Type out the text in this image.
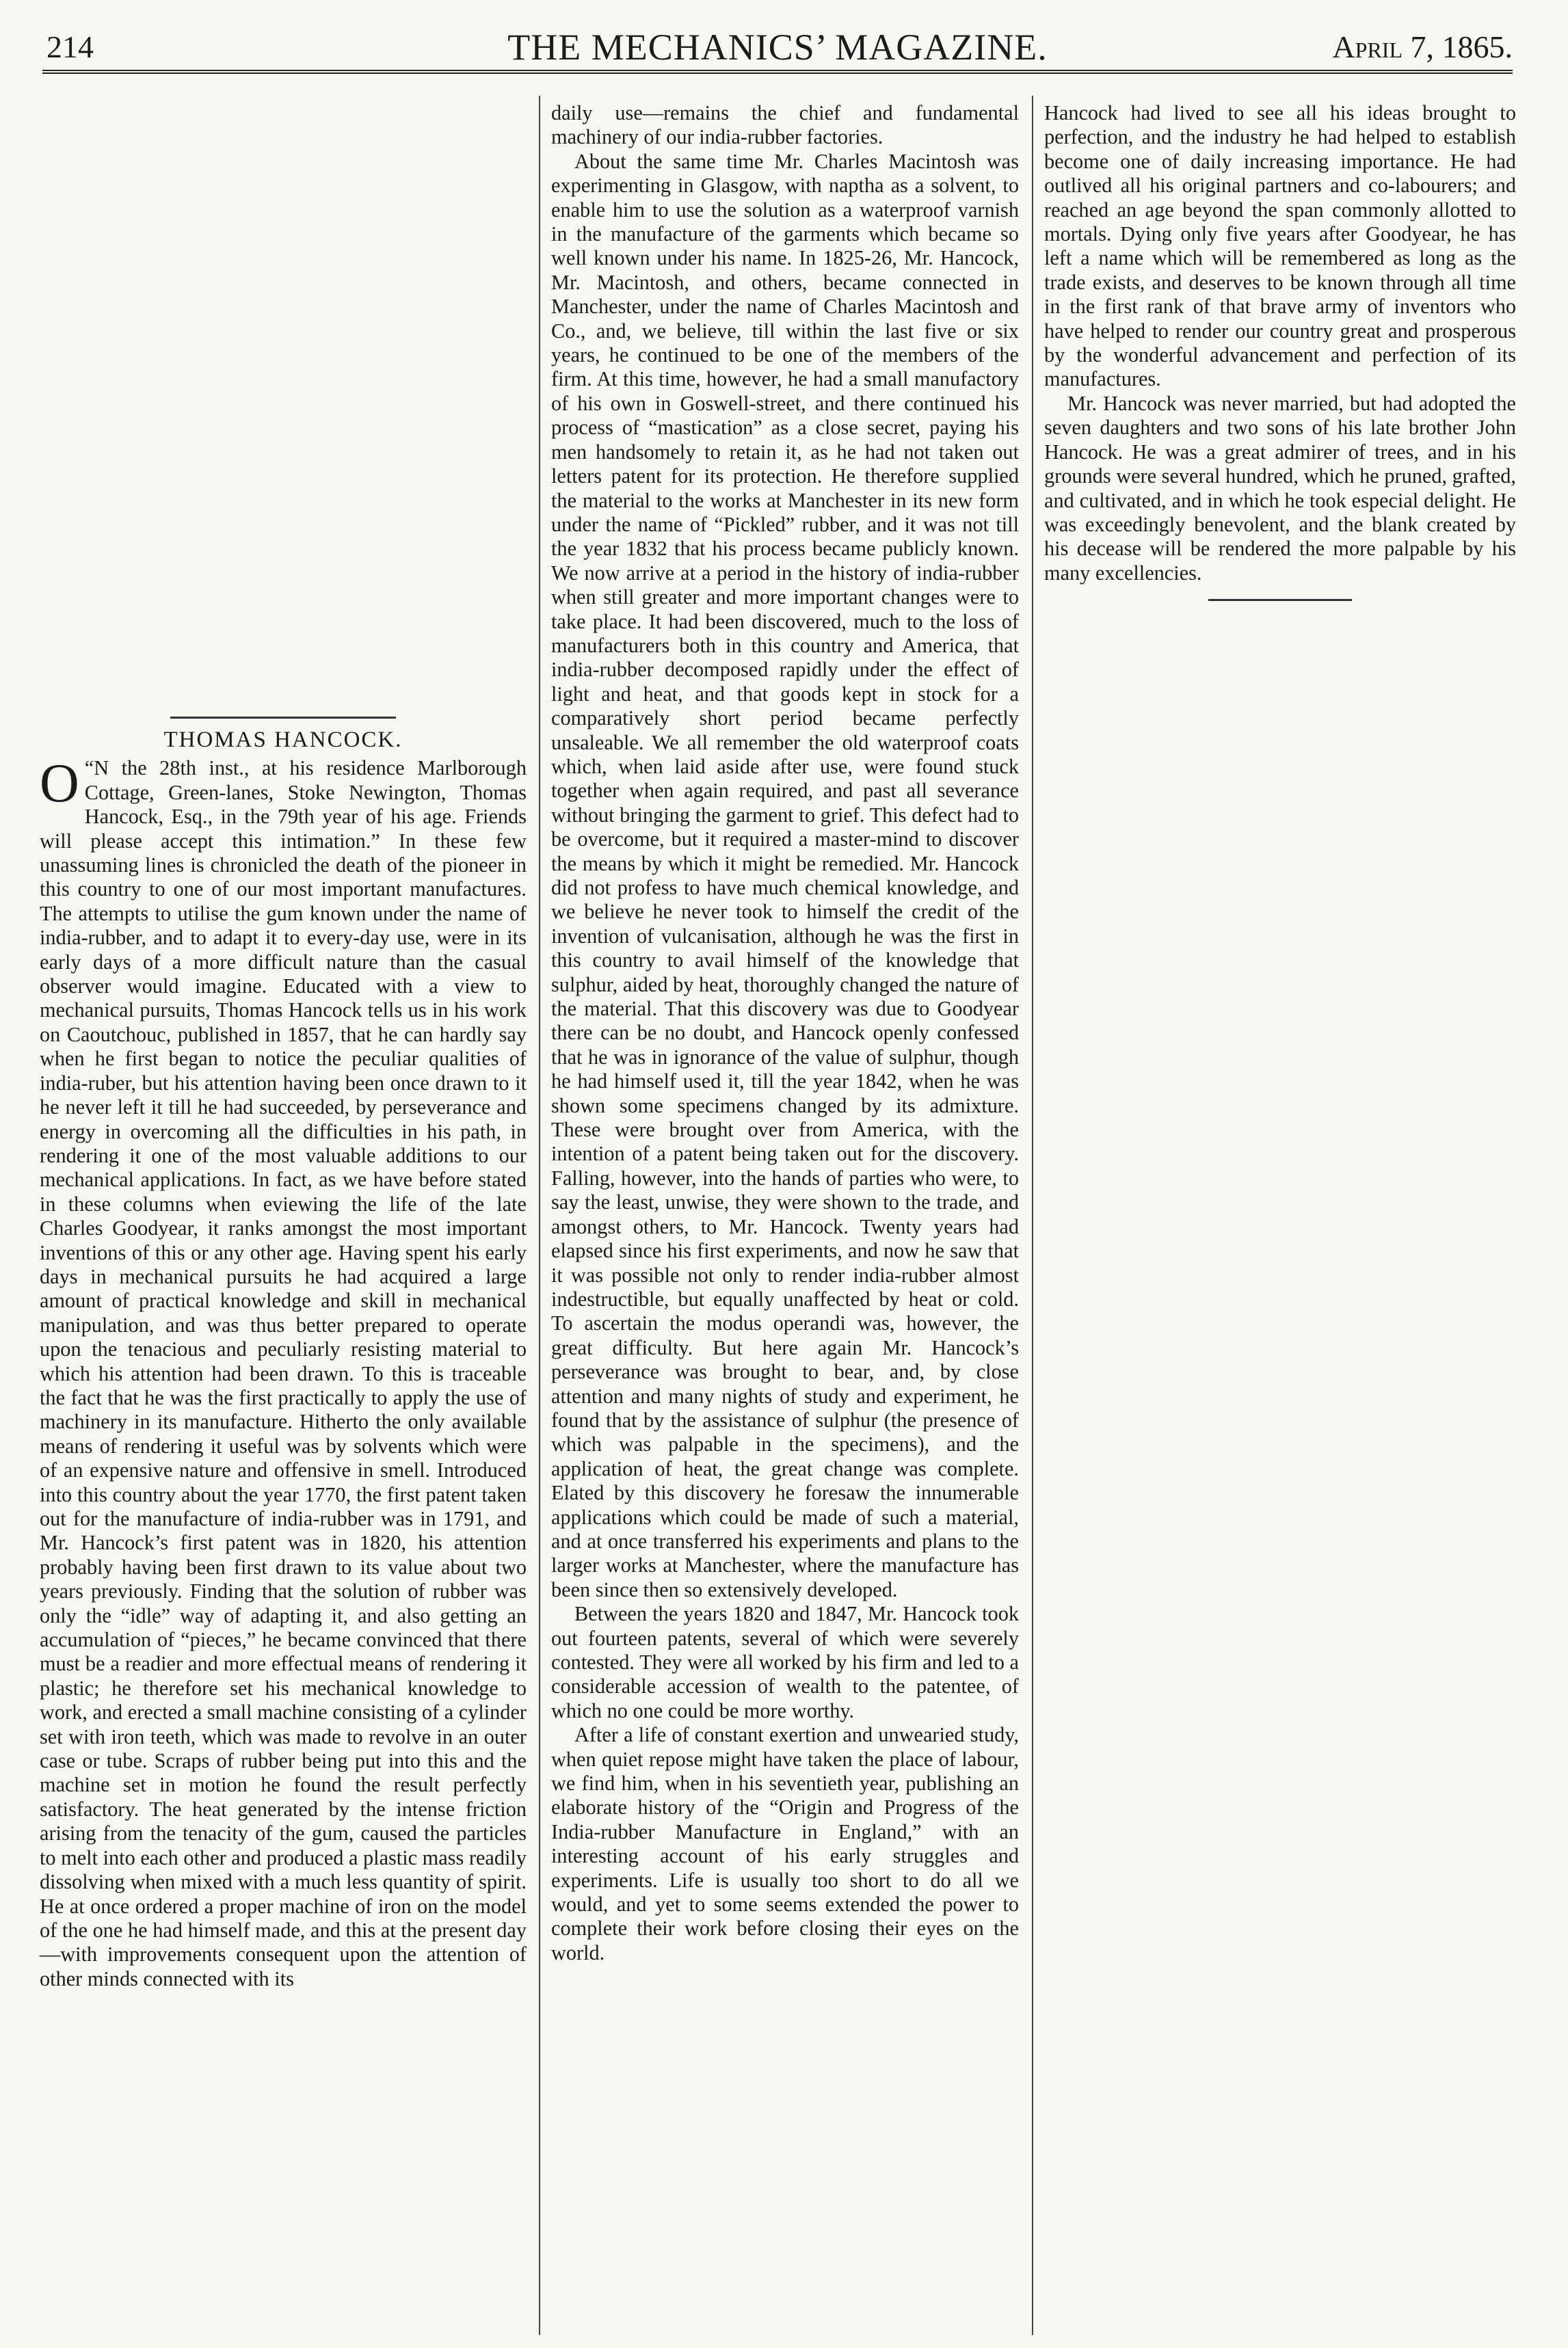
214	THE MECHANICS’ MAGAZINE.	April 7, 1865.
THOMAS HANCOCK.

“
O N the 28th inst., at his residence Marlborough Cottage, Green-lanes, Stoke Newington, Thomas Hancock, Esq., in the 79th year of his age. Friends will please accept this intimation.” In these few unassuming lines is chronicled the death of the pioneer in this country to one of our most important manufactures. The attempts to utilise the gum known under the name of india-rubber, and to adapt it to every-day use, were in its early days of a more difficult nature than the casual observer would imagine. Educated with a view to mechanical pursuits, Thomas Hancock tells us in his work on Caoutchouc, published in 1857, that he can hardly say when he first began to notice the peculiar qualities of india-ruber, but his attention having been once drawn to it he never left it till he had succeeded, by perseverance and energy in overcoming all the difficulties in his path, in rendering it one of the most valuable additions to our mechanical applications. In fact, as we have before stated in these columns when eviewing the life of the late Charles Goodyear, it ranks amongst the most important inventions of this or any other age. Having spent his early days in mechanical pursuits he had acquired a large amount of practical knowledge and skill in mechanical manipulation, and was thus better prepared to operate upon the tenacious and peculiarly resisting material to which his attention had been drawn. To this is traceable the fact that he was the first practically to apply the use of machinery in its manufacture. Hitherto the only available means of rendering it useful was by solvents which were of an expensive nature and offensive in smell. Introduced into this country about the year 1770, the first patent taken out for the manufacture of india-rubber was in 1791, and Mr. Hancock’s first patent was in 1820, his attention probably having been first drawn to its value about two years previously. Finding that the solution of rubber was only the “idle” way of adapting it, and also getting an accumulation of “pieces,” he became convinced that there must be a readier and more effectual means of rendering it plastic; he therefore set his mechanical knowledge to work, and erected a small machine consisting of a cylinder set with iron teeth, which was made to revolve in an outer case or tube. Scraps of rubber being put into this and the machine set in motion he found the result perfectly satisfactory. The heat generated by the intense friction arising from the tenacity of the gum, caused the particles to melt into each other and produced a plastic mass readily dissolving when mixed with a much less quantity of spirit. He at once ordered a proper machine of iron on the model of the one he had himself made, and this at the present day —with improvements consequent upon the attention of other minds connected with its

daily use—remains the chief and fundamental machinery of our india-rubber factories.

About the same time Mr. Charles Macintosh was experimenting in Glasgow, with naptha as a solvent, to enable him to use the solution as a waterproof varnish in the manufacture of the garments which became so well known under his name. In 1825-26, Mr. Hancock, Mr. Macintosh, and others, became connected in Manchester, under the name of Charles Macintosh and Co., and, we believe, till within the last five or six years, he continued to be one of the members of the firm. At this time, however, he had a small manufactory of his own in Goswell-street, and there continued his process of “mastication” as a close secret, paying his men handsomely to retain it, as he had not taken out letters patent for its protection. He therefore supplied the material to the works at Manchester in its new form under the name of “Pickled” rubber, and it was not till the year 1832 that his process became publicly known. We now arrive at a period in the history of india-rubber when still greater and more important changes were to take place. It had been discovered, much to the loss of manufacturers both in this country and America, that india-rubber decomposed rapidly under the effect of light and heat, and that goods kept in stock for a comparatively short period became perfectly unsaleable. We all remember the old waterproof coats which, when laid aside after use, were found stuck together when again required, and past all severance without bringing the garment to grief. This defect had to be overcome, but it required a master-mind to discover the means by which it might be remedied. Mr. Hancock did not profess to have much chemical knowledge, and we believe he never took to himself the credit of the invention of vulcanisation, although he was the first in this country to avail himself of the knowledge that sulphur, aided by heat, thoroughly changed the nature of the material. That this discovery was due to Goodyear there can be no doubt, and Hancock openly confessed that he was in ignorance of the value of sulphur, though he had himself used it, till the year 1842, when he was shown some specimens changed by its admixture. These were brought over from America, with the intention of a patent being taken out for the discovery. Falling, however, into the hands of parties who were, to say the least, unwise, they were shown to the trade, and amongst others, to Mr. Hancock. Twenty years had elapsed since his first experiments, and now he saw that it was possible not only to render india-rubber almost indestructible, but equally unaffected by heat or cold. To ascertain the modus operandi was, however, the great difficulty. But here again Mr. Hancock’s perseverance was brought to bear, and, by close attention and many nights of study and experiment, he found that by the assistance of sulphur (the presence of which was palpable in the specimens), and the application of heat, the great change was complete. Elated by this discovery he foresaw the innumerable applications which could be made of such a material, and at once transferred his experiments and plans to the larger works at Manchester, where the manufacture has been since then so extensively developed.

Between the years 1820 and 1847, Mr. Hancock took out fourteen patents, several of which were severely contested. They were all worked by his firm and led to a considerable accession of wealth to the patentee, of which no one could be more worthy.

After a life of constant exertion and unwearied study, when quiet repose might have taken the place of labour, we find him, when in his seventieth year, publishing an elaborate history of the “Origin and Progress of the India-rubber Manufacture in England,” with an interesting account of his early struggles and experiments. Life is usually too short to do all we would, and yet to some seems extended the power to complete their work before closing their eyes on the world.

Hancock had lived to see all his ideas brought to perfection, and the industry he had helped to establish become one of daily increasing importance. He had outlived all his original partners and co-labourers; and reached an age beyond the span commonly allotted to mortals. Dying only five years after Goodyear, he has left a name which will be remembered as long as the trade exists, and deserves to be known through all time in the first rank of that brave army of inventors who have helped to render our country great and prosperous by the wonderful advancement and perfection of its manufactures.

Mr. Hancock was never married, but had adopted the seven daughters and two sons of his late brother John Hancock. He was a great admirer of trees, and in his grounds were several hundred, which he pruned, grafted, and cultivated, and in which he took especial delight. He was exceedingly benevolent, and the blank created by his decease will be rendered the more palpable by his many excellencies.
